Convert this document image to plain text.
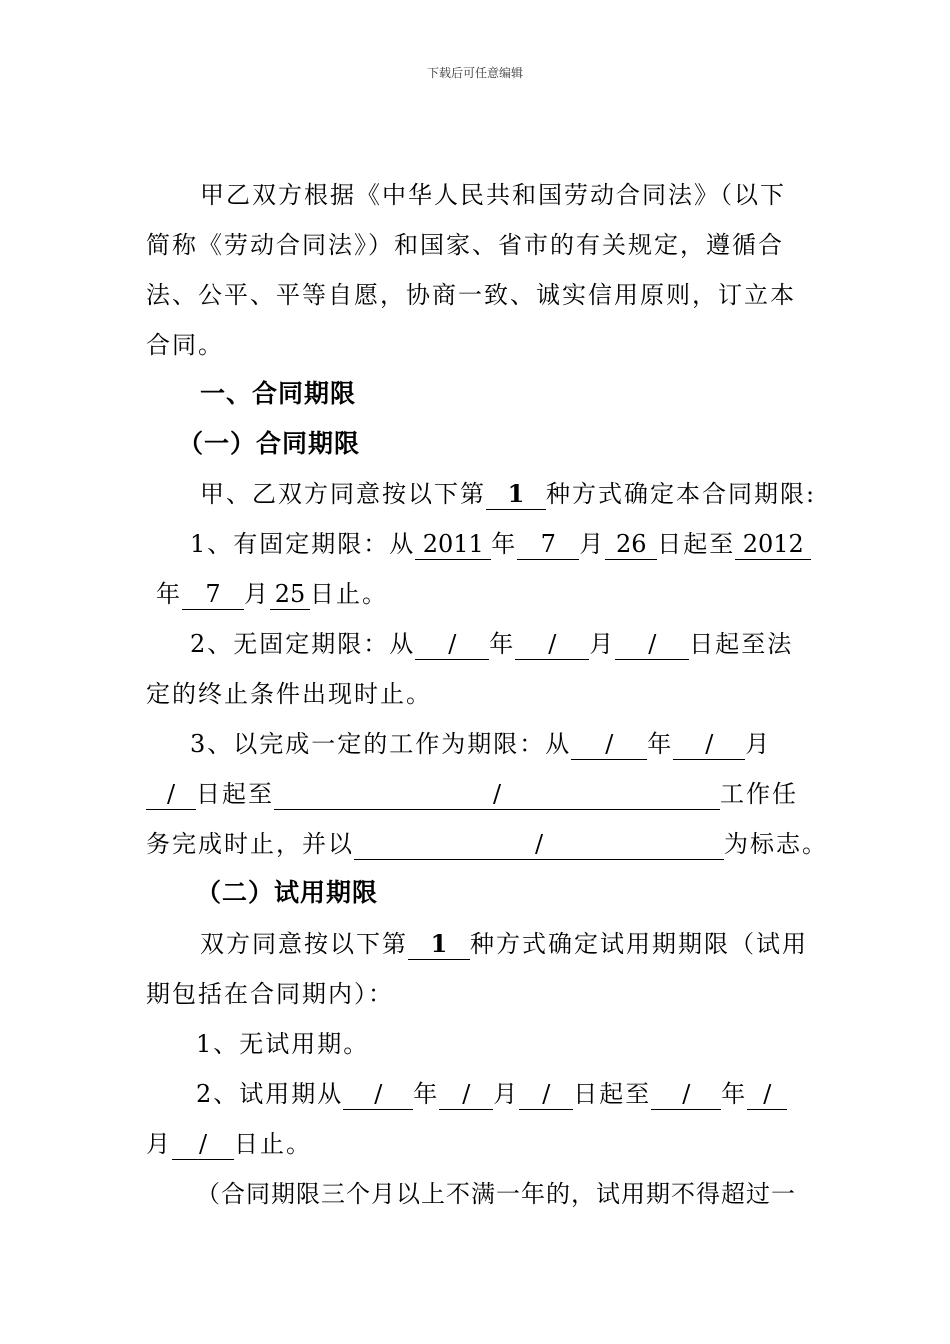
下载后可任意编辑
甲乙双方根据《中华人民共和国劳动合同法》（以下
简称《劳动合同法》）和国家、省市的有关规定，遵循合
法、公平、平等自愿，协商一致、诚实信用原则，订立本
合同。
一、合同期限
（一）合同期限
甲、乙双方同意按以下第 1 种方式确定本合同期限:
1、有固定期限：从 2011 年 7 月 26 日起至 2012
年 7 月 25 日止。
2、无固定期限：从 / 年 / 月 / 日起至法
定的终止条件出现时止。
3、以完成一定的工作为期限：从 / 年 / 月
/ 日起至	/	工作任
务完成时止，并以	/	为标志。
（二）试用期限
双方同意按以下第 1 种方式确定试用期期限（试用
期包括在合同期内）：
1、无试用期。
2、试用期从 / 年 / 月 / 日起至 / 年 /
月 / 日止。
（合同期限三个月以上不满一年的，试用期不得超过一
